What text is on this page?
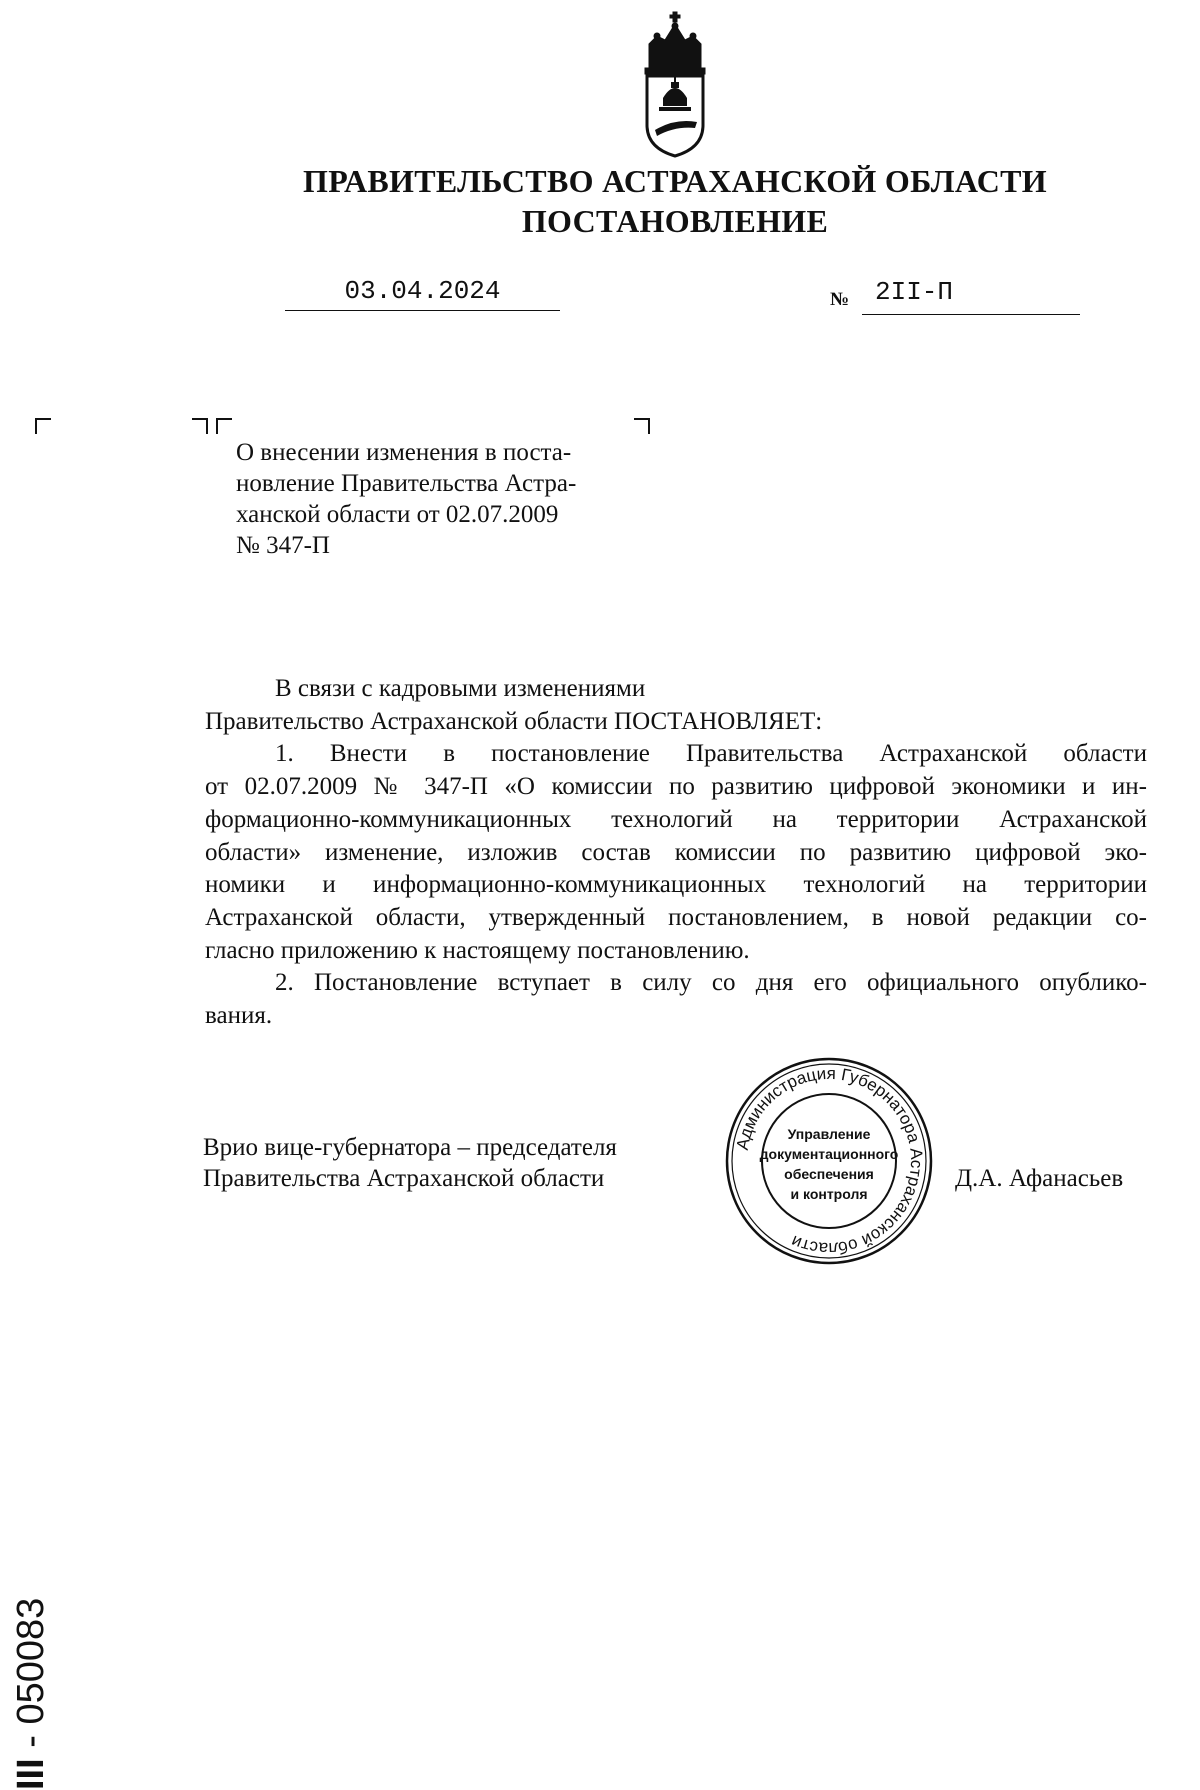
ПРАВИТЕЛЬСТВО АСТРАХАНСКОЙ ОБЛАСТИ
ПОСТАНОВЛЕНИЕ
03.04.2024	№ 2II-П
О внесении изменения в поста-
новление Правительства Астра-
ханской области от 02.07.2009
№ 347-П
В связи с кадровыми изменениями
Правительство Астраханской области ПОСТАНОВЛЯЕТ:
1. Внести в постановление Правительства Астраханской области
от 02.07.2009 № 347-П «О комиссии по развитию цифровой экономики и ин-
формационно-коммуникационных технологий на территории Астраханской
области» изменение, изложив состав комиссии по развитию цифровой эко-
номики и информационно-коммуникационных технологий на территории
Астраханской области, утвержденный постановлением, в новой редакции со-
гласно приложению к настоящему постановлению.
2. Постановление вступает в силу со дня его официального опублико-
вания.
Врио вице-губернатора – председателя
Правительства Астраханской области
Администрация Губернатора Астраханской области
Управление
документационного
обеспечения
и контроля
Д.А. Афанасьев
III - 050083
